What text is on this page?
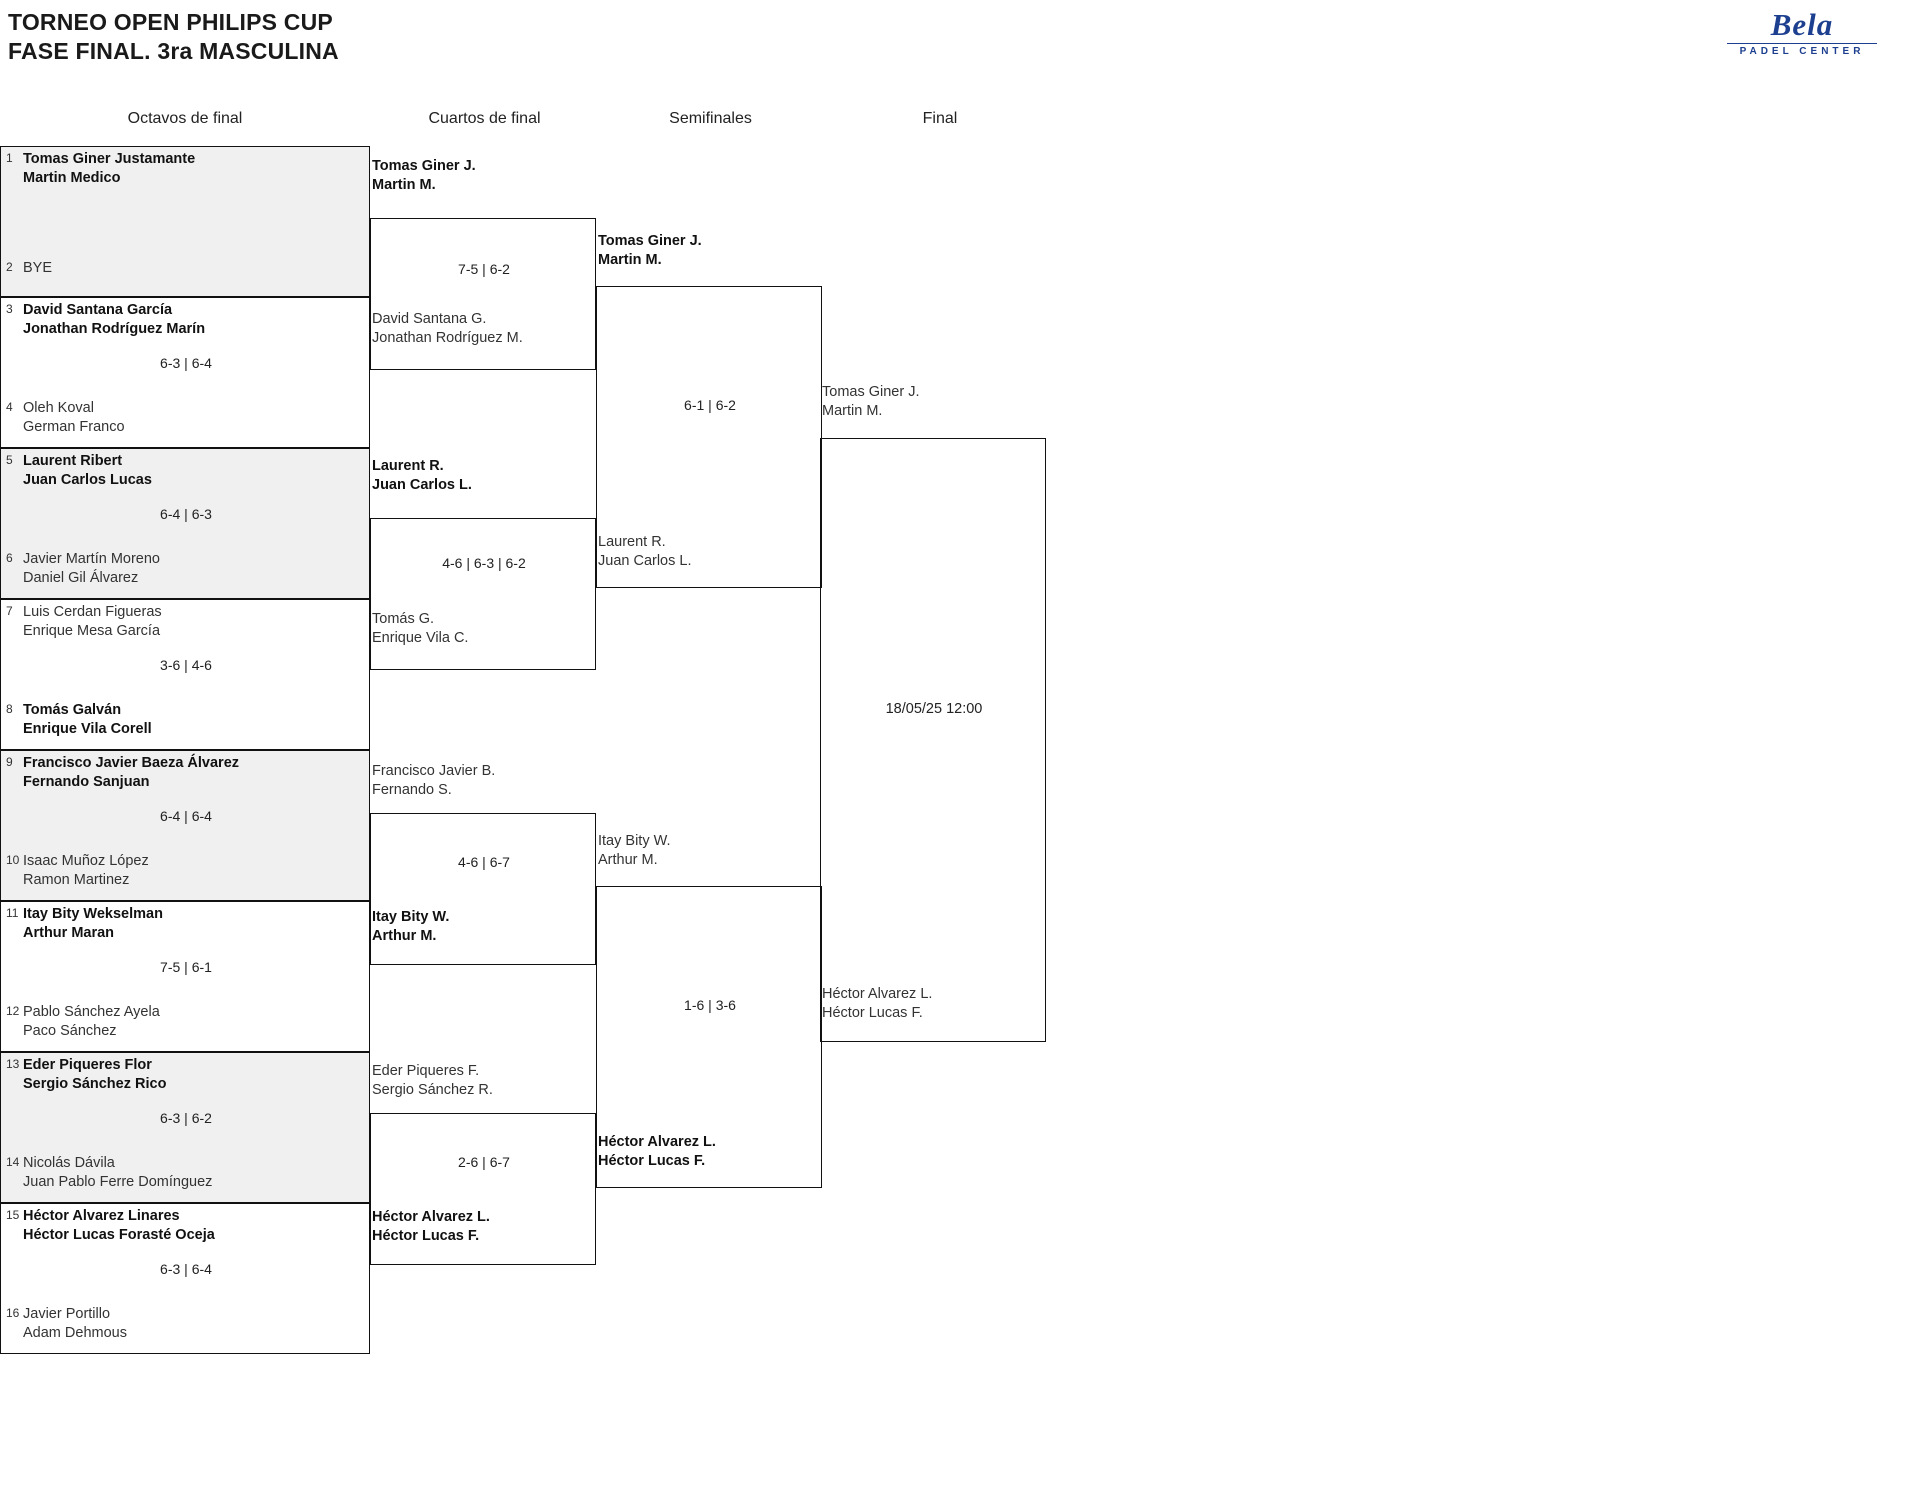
TORNEO OPEN PHILIPS CUP
FASE FINAL. 3ra MASCULINA
Bela
PADEL CENTER
Octavos de final	Cuartos de final	Semifinales	Final
1 Tomas Giner Justamante
Martin Medico
2 BYE
3 David Santana García
Jonathan Rodríguez Marín
6-3 | 6-4
4 Oleh Koval
German Franco
5 Laurent Ribert
Juan Carlos Lucas
6-4 | 6-3
6 Javier Martín Moreno
Daniel Gil Álvarez
7 Luis Cerdan Figueras
Enrique Mesa García
3-6 | 4-6
8 Tomás Galván
Enrique Vila Corell
9 Francisco Javier Baeza Álvarez
Fernando Sanjuan
6-4 | 6-4
10 Isaac Muñoz López
Ramon Martinez
11 Itay Bity Wekselman
Arthur Maran
7-5 | 6-1
12 Pablo Sánchez Ayela
Paco Sánchez
13 Eder Piqueres Flor
Sergio Sánchez Rico
6-3 | 6-2
14 Nicolás Dávila
Juan Pablo Ferre Domínguez
15 Héctor Alvarez Linares
Héctor Lucas Forasté Oceja
6-3 | 6-4
16 Javier Portillo
Adam Dehmous
Tomas Giner J.
Martin M.
7-5 | 6-2
David Santana G.
Jonathan Rodríguez M.
Laurent R.
Juan Carlos L.
4-6 | 6-3 | 6-2
Tomás G.
Enrique Vila C.
Francisco Javier B.
Fernando S.
4-6 | 6-7
Itay Bity W.
Arthur M.
Eder Piqueres F.
Sergio Sánchez R.
2-6 | 6-7
Héctor Alvarez L.
Héctor Lucas F.
Tomas Giner J.
Martin M.
6-1 | 6-2
Laurent R.
Juan Carlos L.
Itay Bity W.
Arthur M.
1-6 | 3-6
Héctor Alvarez L.
Héctor Lucas F.
Tomas Giner J.
Martin M.
18/05/25 12:00
Héctor Alvarez L.
Héctor Lucas F.
